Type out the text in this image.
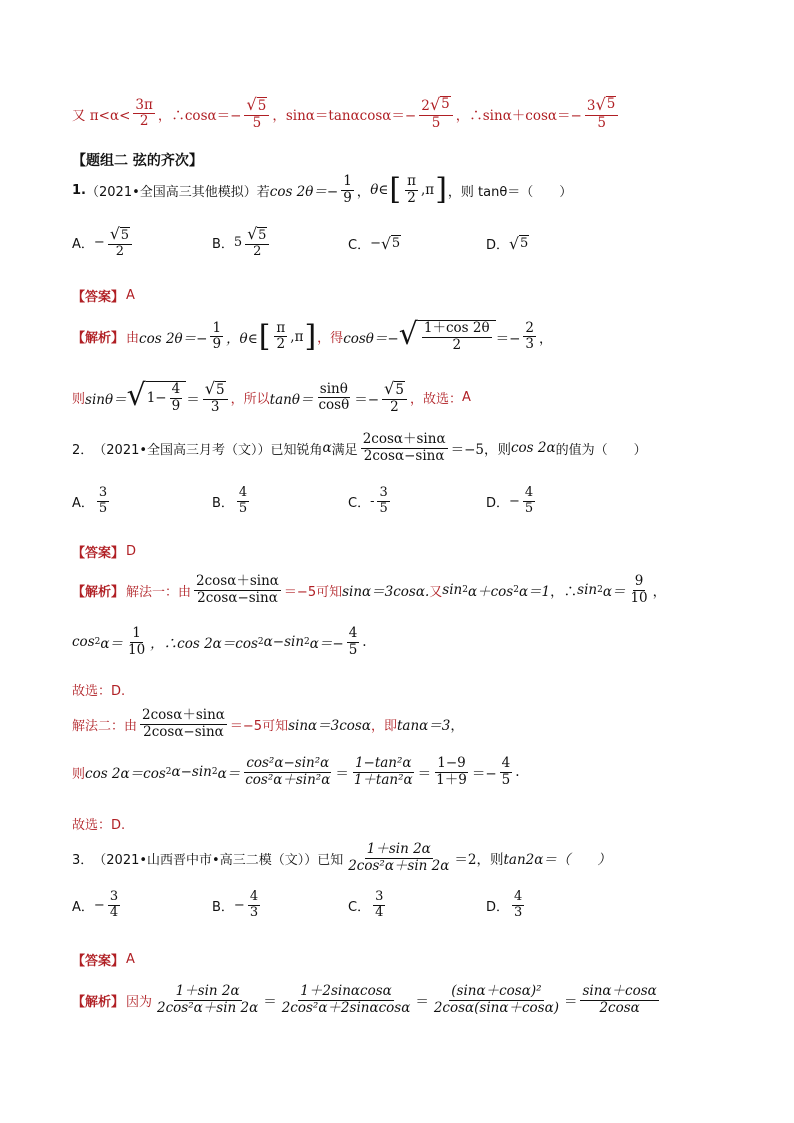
又 $\pi<\alpha< \frac{3\pi}{2}$ ，∴cosα＝− $\frac{√5}{5}$ ，$\sin\alpha=\tan\alpha\cos\alpha=- \frac{2 √ 5}{5}$ ，∴sinα＋cosα＝− $\frac{3 √ 5}{5}$
【题组二 弦的齐次】
1 . （2021•全国高三其他模拟）若 $\cos 2\theta=- \frac{1}{9}$ ， θ∈ [ $\frac{\pi}{2} ,\pi$ ] ，则 tanθ＝（　　）
A． − $\frac{√5}{2}$	B． $5 \frac{√5}{2}$	C． − √ 5	D． √ 5
【答案】 A
【解析】 由 $\cos 2\theta=- \frac{1}{9}$ ，θ∈ [ $\frac{\pi}{2} ,\pi$ ] ，得 cosθ＝− √ $\frac{1+\cos 2\theta}{2} =- \frac{2}{3}$ ，
则 sinθ＝ √ $1- \frac{4}{9} = \frac{√5}{3}$ ，所以 $\tan\theta= \frac{\sin\theta}{\cos\theta} =- \frac{√5}{2}$ ，故选： A
2． （2021•全国高三月考（文））已知锐角 α 满足 $\frac{2\cos\alpha+\sin\alpha}{2\cos\alpha-\sin\alpha} =-5$，则 cos 2α 的值为（　　）
A． $\frac{3}{5}$	B． $\frac{4}{5}$	C． - $\frac{3}{5}$	D． − $\frac{4}{5}$
【答案】 D
【解析】 解法一：由 $\frac{2\cos\alpha+\sin\alpha}{2\cos\alpha-\sin\alpha} =-5$可知 sinα＝3cosα. 又 sin 2 α＋cos 2 α＝1 ，∴ sin 2 $\alpha= \frac{9}{10}$ ，
cos 2 $\alpha= \frac{1}{10}$ ，∴cos 2α＝cos 2 α−sin 2 $\alpha=- \frac{4}{5}$ .
故选：D.
解法二：由 $\frac{2\cos\alpha+\sin\alpha}{2\cos\alpha-\sin\alpha} =-5$可知 sinα＝3cosα ，即 tanα＝3 ，
则 cos 2α＝cos 2 α−sin 2 $\alpha= \frac{\text{cos²α−sin²α}}{\text{cos²α＋sin²α}} = \frac{\text{1−tan²α}}{\text{1＋tan²α}} = \frac{1-9}{1+9} =- \frac{4}{5}$ .
故选：D.
3． （2021•山西晋中市•高三二模（文））已知 $\frac{1+\sin 2\alpha}{\text{2cos²α＋sin 2α}} =2$，则 tan2α＝（　　）
A． − $\frac{3}{4}$	B． − $\frac{4}{3}$	C． $\frac{3}{4}$	D． $\frac{4}{3}$
【答案】 A
【解析】 因为 $\frac{1+\sin 2\alpha}{\text{2cos²α＋sin 2α}} = \frac{1+2\sin\alpha\cos\alpha}{\text{2cos²α＋2sinαcosα}} = \frac{\text{(sinα＋cosα)²}}{2\cos\alpha(\sin\alpha+\cos\alpha)} = \frac{\sin\alpha+\cos\alpha}{2\cos\alpha}$
